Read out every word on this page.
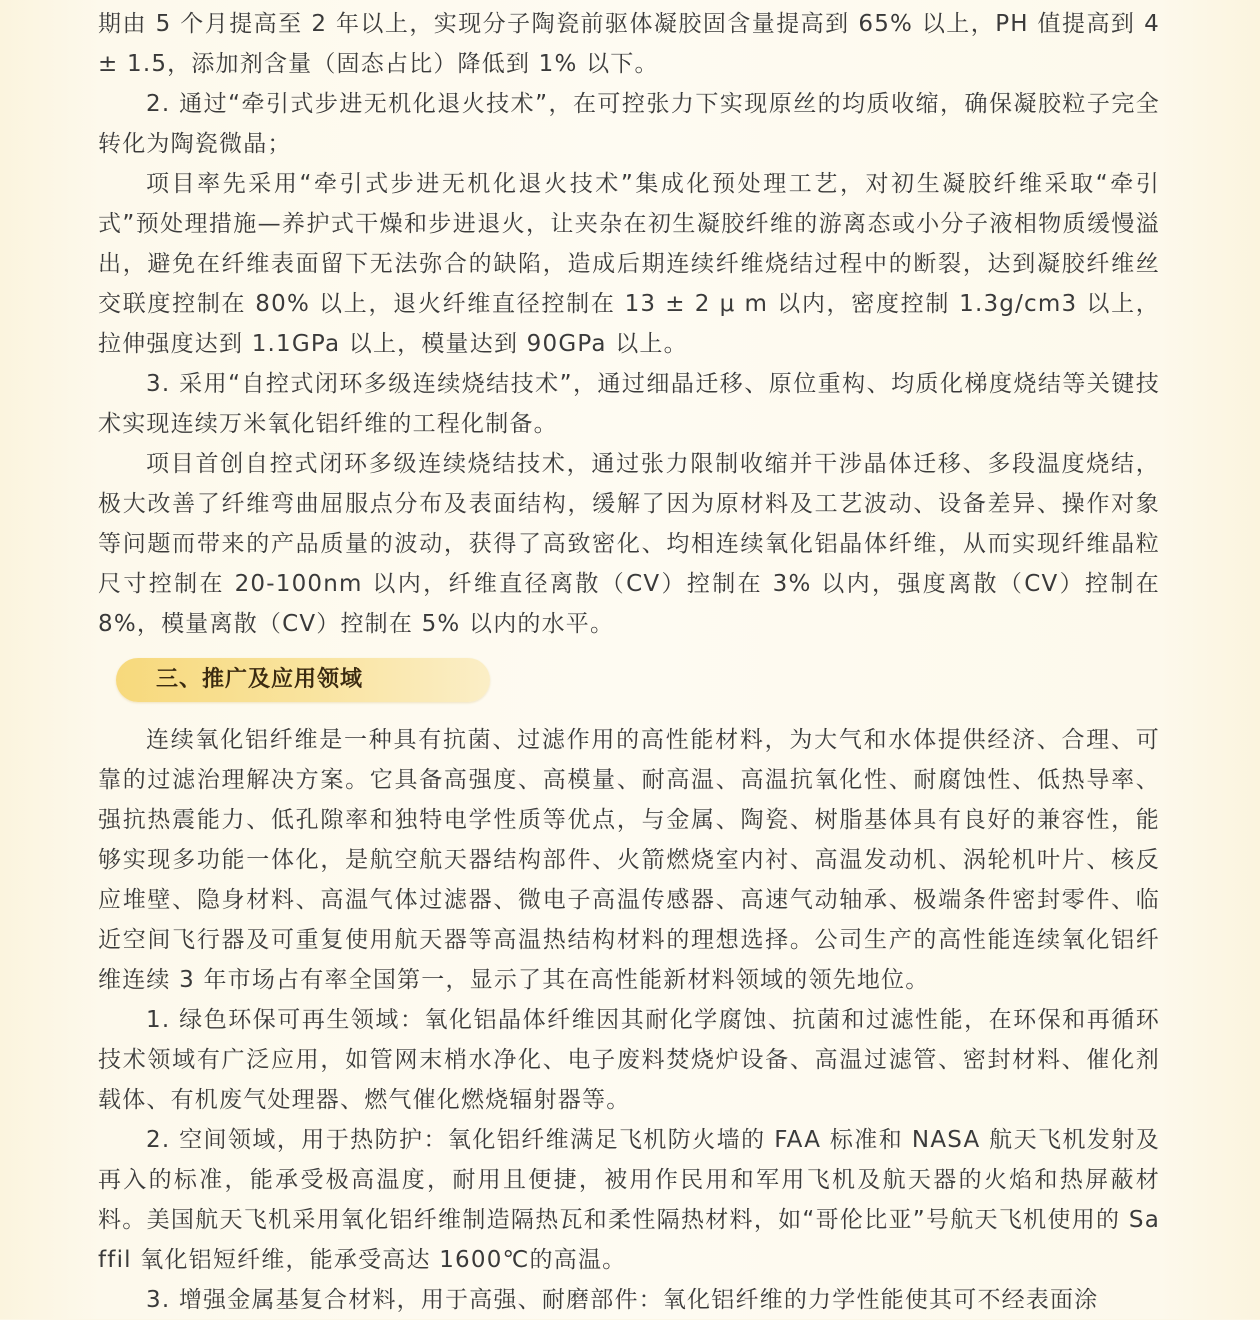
期由 5 个月提高至 2 年以上，实现分子陶瓷前驱体凝胶固含量提高到 65% 以上，PH 值提高到 4 ± 1.5，添加剂含量（固态占比）降低到 1% 以下。

2. 通过“牵引式步进无机化退火技术”，在可控张力下实现原丝的均质收缩，确保凝胶粒子完全转化为陶瓷微晶；

项目率先采用“牵引式步进无机化退火技术”集成化预处理工艺，对初生凝胶纤维采取“牵引式”预处理措施—养护式干燥和步进退火，让夹杂在初生凝胶纤维的游离态或小分子液相物质缓慢溢出，避免在纤维表面留下无法弥合的缺陷，造成后期连续纤维烧结过程中的断裂，达到凝胶纤维丝交联度控制在 80% 以上，退火纤维直径控制在 13 ± 2 μ m 以内，密度控制 1.3g/cm3 以上，拉伸强度达到 1.1GPa 以上，模量达到 90GPa 以上。

3. 采用“自控式闭环多级连续烧结技术”，通过细晶迁移、原位重构、均质化梯度烧结等关键技术实现连续万米氧化铝纤维的工程化制备。

项目首创自控式闭环多级连续烧结技术，通过张力限制收缩并干涉晶体迁移、多段温度烧结，极大改善了纤维弯曲屈服点分布及表面结构，缓解了因为原材料及工艺波动、设备差异、操作对象等问题而带来的产品质量的波动，获得了高致密化、均相连续氧化铝晶体纤维，从而实现纤维晶粒尺寸控制在 20-100nm 以内，纤维直径离散（CV）控制在 3% 以内，强度离散（CV）控制在 8%，模量离散（CV）控制在 5% 以内的水平。

三、推广及应用领域

连续氧化铝纤维是一种具有抗菌、过滤作用的高性能材料，为大气和水体提供经济、合理、可靠的过滤治理解决方案。它具备高强度、高模量、耐高温、高温抗氧化性、耐腐蚀性、低热导率、强抗热震能力、低孔隙率和独特电学性质等优点，与金属、陶瓷、树脂基体具有良好的兼容性，能够实现多功能一体化，是航空航天器结构部件、火箭燃烧室内衬、高温发动机、涡轮机叶片、核反应堆壁、隐身材料、高温气体过滤器、微电子高温传感器、高速气动轴承、极端条件密封零件、临近空间飞行器及可重复使用航天器等高温热结构材料的理想选择。公司生产的高性能连续氧化铝纤维连续 3 年市场占有率全国第一，显示了其在高性能新材料领域的领先地位。

1. 绿色环保可再生领域：氧化铝晶体纤维因其耐化学腐蚀、抗菌和过滤性能，在环保和再循环技术领域有广泛应用，如管网末梢水净化、电子废料焚烧炉设备、高温过滤管、密封材料、催化剂载体、有机废气处理器、燃气催化燃烧辐射器等。

2. 空间领域，用于热防护：氧化铝纤维满足飞机防火墙的 FAA 标准和 NASA 航天飞机发射及再入的标准，能承受极高温度，耐用且便捷，被用作民用和军用飞机及航天器的火焰和热屏蔽材料。美国航天飞机采用氧化铝纤维制造隔热瓦和柔性隔热材料，如“哥伦比亚”号航天飞机使用的 Saffil 氧化铝短纤维，能承受高达 1600℃的高温。

3. 增强金属基复合材料，用于高强、耐磨部件：氧化铝纤维的力学性能使其可不经表面涂
